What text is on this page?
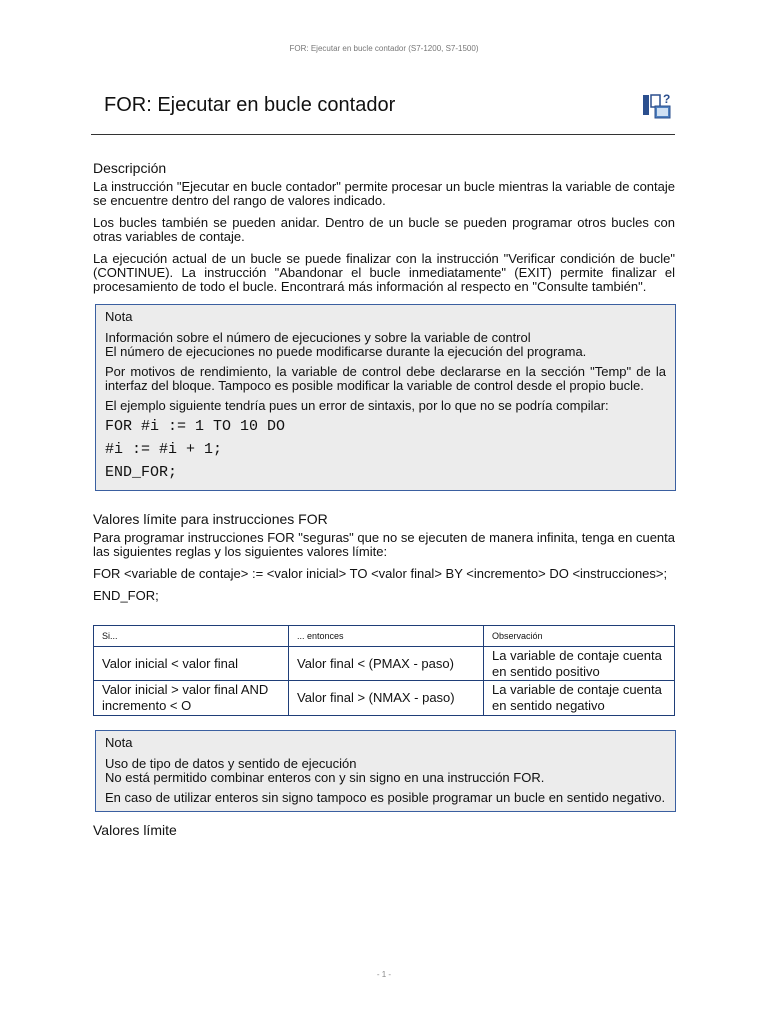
FOR: Ejecutar en bucle contador (S7-1200, S7-1500)
FOR: Ejecutar en bucle contador	?
Descripción

La instrucción "Ejecutar en bucle contador" permite procesar un bucle mientras la variable de contaje se encuentre dentro del rango de valores indicado.

Los bucles también se pueden anidar. Dentro de un bucle se pueden programar otros bucles con otras variables de contaje.

La ejecución actual de un bucle se puede finalizar con la instrucción "Verificar condición de bucle" (CONTINUE). La instrucción "Abandonar el bucle inmediatamente" (EXIT) permite finalizar el procesamiento de todo el bucle. Encontrará más información al respecto en "Consulte también".

Nota
Información sobre el número de ejecuciones y sobre la variable de control

El número de ejecuciones no puede modificarse durante la ejecución del programa.

Por motivos de rendimiento, la variable de control debe declararse en la sección "Temp" de la interfaz del bloque. Tampoco es posible modificar la variable de control desde el propio bucle.

El ejemplo siguiente tendría pues un error de sintaxis, por lo que no se podría compilar:

FOR #i := 1 TO 10 DO
#i := #i + 1;
END_FOR;
Valores límite para instrucciones FOR

Para programar instrucciones FOR "seguras" que no se ejecuten de manera infinita, tenga en cuenta las siguientes reglas y los siguientes valores límite:

FOR <variable de contaje> := <valor inicial> TO <valor final> BY <incremento> DO <instrucciones>;

END_FOR;

Si...	... entonces	Observación
Valor inicial < valor final	Valor final < (PMAX - paso)	La variable de contaje cuenta en sentido positivo
Valor inicial > valor final AND incremento < O	Valor final > (NMAX - paso)	La variable de contaje cuenta en sentido negativo
Nota
Uso de tipo de datos y sentido de ejecución

No está permitido combinar enteros con y sin signo en una instrucción FOR.

En caso de utilizar enteros sin signo tampoco es posible programar un bucle en sentido negativo.

Valores límite
- 1 -
